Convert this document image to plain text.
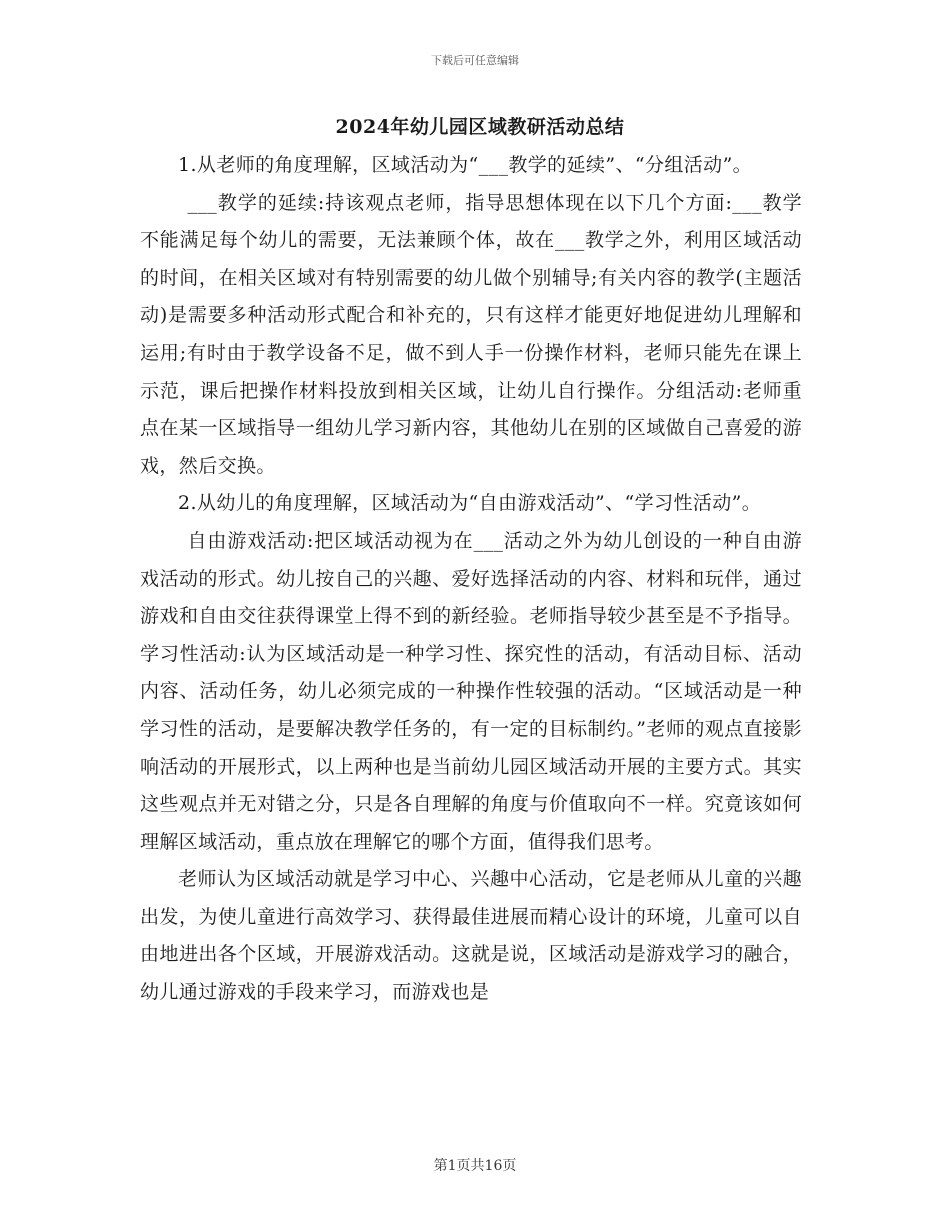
下载后可任意编辑
2024年幼儿园区域教研活动总结

1.从老师的角度理解，区域活动为“___教学的延续”、“分组活动”。

___教学的延续:持该观点老师，指导思想体现在以下几个方面:___教学不能满足每个幼儿的需要，无法兼顾个体，故在___教学之外，利用区域活动的时间，在相关区域对有特别需要的幼儿做个别辅导;有关内容的教学(主题活动)是需要多种活动形式配合和补充的，只有这样才能更好地促进幼儿理解和运用;有时由于教学设备不足，做不到人手一份操作材料，老师只能先在课上示范，课后把操作材料投放到相关区域，让幼儿自行操作。分组活动:老师重点在某一区域指导一组幼儿学习新内容，其他幼儿在别的区域做自己喜爱的游戏，然后交换。

2.从幼儿的角度理解，区域活动为“自由游戏活动”、“学习性活动”。

自由游戏活动:把区域活动视为在___活动之外为幼儿创设的一种自由游戏活动的形式。幼儿按自己的兴趣、爱好选择活动的内容、材料和玩伴，通过游戏和自由交往获得课堂上得不到的新经验。老师指导较少甚至是不予指导。学习性活动:认为区域活动是一种学习性、探究性的活动，有活动目标、活动内容、活动任务，幼儿必须完成的一种操作性较强的活动。“区域活动是一种学习性的活动，是要解决教学任务的，有一定的目标制约。”老师的观点直接影响活动的开展形式，以上两种也是当前幼儿园区域活动开展的主要方式。其实这些观点并无对错之分，只是各自理解的角度与价值取向不一样。究竟该如何理解区域活动，重点放在理解它的哪个方面，值得我们思考。

老师认为区域活动就是学习中心、兴趣中心活动，它是老师从儿童的兴趣出发，为使儿童进行高效学习、获得最佳进展而精心设计的环境，儿童可以自由地进出各个区域，开展游戏活动。这就是说，区域活动是游戏学习的融合，幼儿通过游戏的手段来学习，而游戏也是

第1页共16页
